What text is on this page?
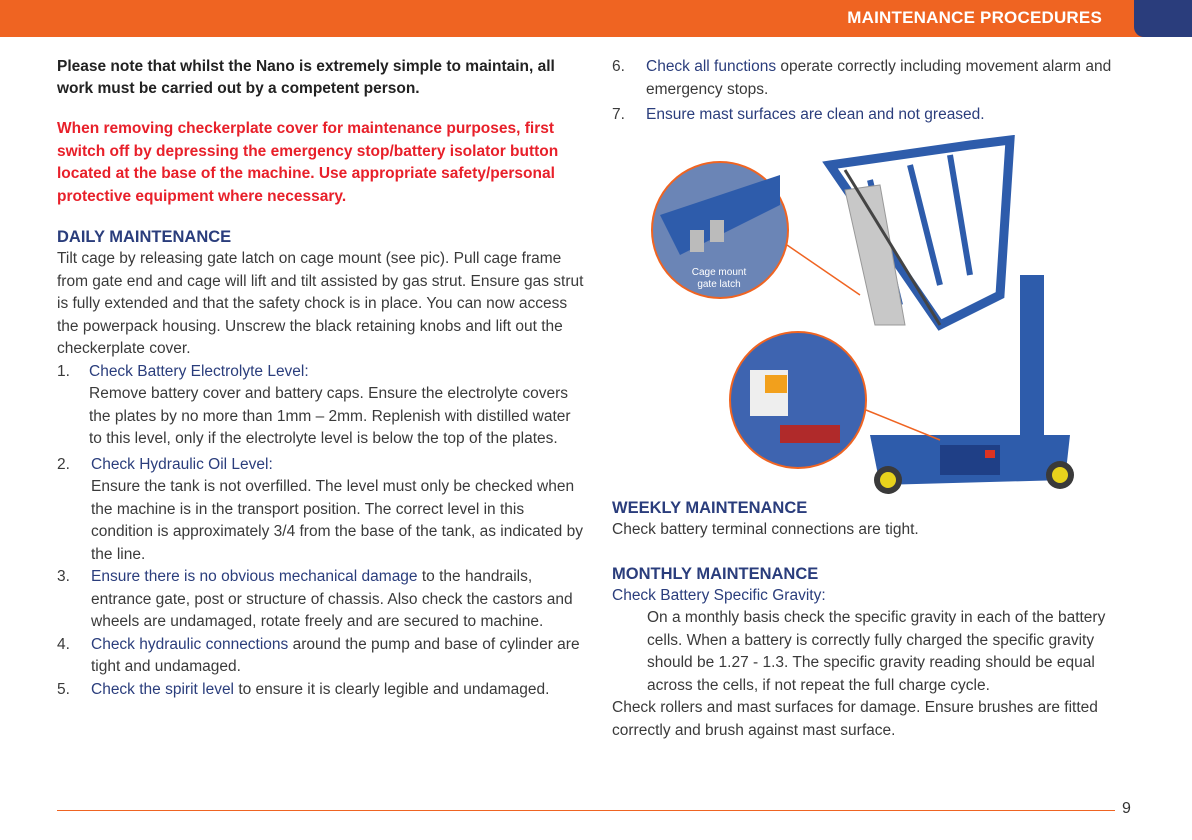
MAINTENANCE PROCEDURES

Please note that whilst the Nano is extremely simple to maintain, all work must be carried out by a competent person.

When removing checkerplate cover for maintenance purposes, first switch off by depressing the emergency stop/battery isolator button located at the base of the machine. Use appropriate safety/personal protective equipment where necessary.

DAILY MAINTENANCE

Tilt cage by releasing gate latch on cage mount (see pic). Pull cage frame from gate end and cage will lift and tilt assisted by gas strut. Ensure gas strut is fully extended and that the safety chock is in place. You can now access the powerpack housing. Unscrew the black retaining knobs and lift out the checkerplate cover.

1. Check Battery Electrolyte Level:
Remove battery cover and battery caps. Ensure the electrolyte covers the plates by no more than 1mm – 2mm. Replenish with distilled water to this level, only if the electrolyte level is below the top of the plates.
2. Check Hydraulic Oil Level:
Ensure the tank is not overfilled. The level must only be checked when the machine is in the transport position. The correct level in this condition is approximately 3/4 from the base of the tank, as indicated by the line.
3. Ensure there is no obvious mechanical damage to the handrails, entrance gate, post or structure of chassis. Also check the castors and wheels are undamaged, rotate freely and are secured to machine.
4. Check hydraulic connections around the pump and base of cylinder are tight and undamaged.
5. Check the spirit level to ensure it is clearly legible and undamaged.
6. Check all functions operate correctly including movement alarm and emergency stops.
7. Ensure mast surfaces are clean and not greased.
Cage mount gate latch
WEEKLY MAINTENANCE

Check battery terminal connections are tight.

MONTHLY MAINTENANCE

Check Battery Specific Gravity:

On a monthly basis check the specific gravity in each of the battery cells. When a battery is correctly fully charged the specific gravity should be 1.27 - 1.3. The specific gravity reading should be equal across the cells, if not repeat the full charge cycle.

Check rollers and mast surfaces for damage. Ensure brushes are fitted correctly and brush against mast surface.

9
